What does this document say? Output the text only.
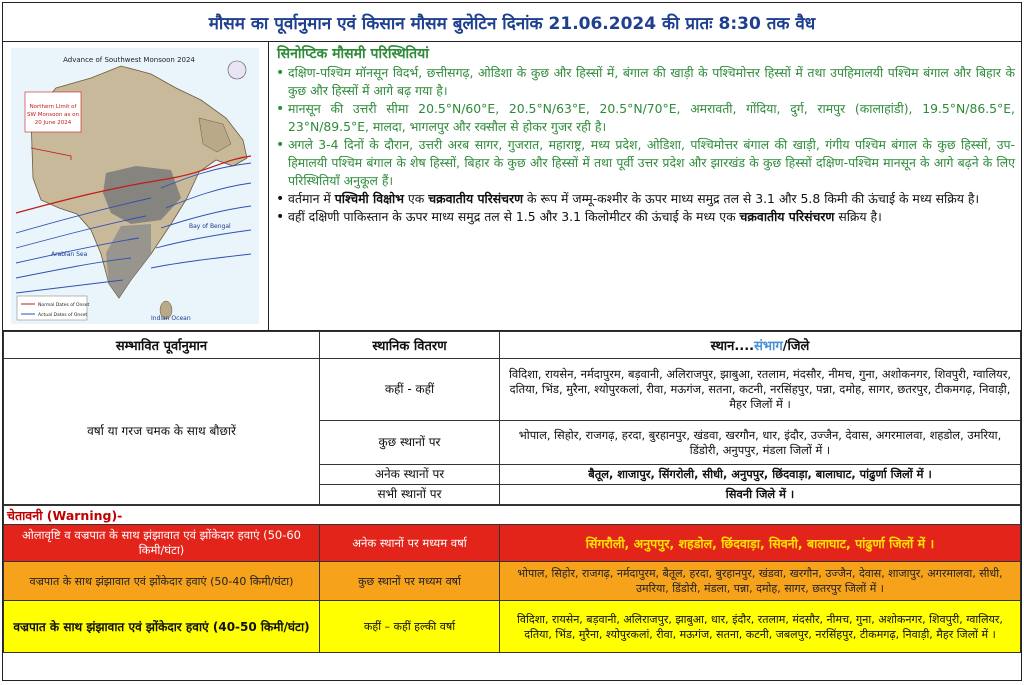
मौसम का पूर्वानुमान एवं किसान मौसम बुलेटिन दिनांक 21.06.2024 की प्रातः 8:30 तक वैध
Northern Limit of
SW Monsoon as on
20 June 2024
Advance of Southwest Monsoon 2024
Arabian Sea
Bay of Bengal
Indian Ocean
Normal Dates of Onset
Actual Dates of Onset
सिनोप्टिक मौसमी परिस्थितियां
• दक्षिण-पश्चिम मॉनसून विदर्भ, छत्तीसगढ़, ओडिशा के कुछ और हिस्सों में, बंगाल की खाड़ी के पश्चिमोत्तर हिस्सों में तथा उपहिमालयी पश्चिम बंगाल और बिहार के कुछ और हिस्सों में आगे बढ़ गया है।
• मानसून की उत्तरी सीमा 20.5°N/60°E, 20.5°N/63°E, 20.5°N/70°E, अमरावती, गोंदिया, दुर्ग, रामपुर (कालाहांडी), 19.5°N/86.5°E, 23°N/89.5°E, मालदा, भागलपुर और रक्सौल से होकर गुजर रही है।
• अगले 3-4 दिनों के दौरान, उत्तरी अरब सागर, गुजरात, महाराष्ट्र, मध्य प्रदेश, ओडिशा, पश्चिमोत्तर बंगाल की खाड़ी, गंगीय पश्चिम बंगाल के कुछ हिस्सों, उप-हिमालयी पश्चिम बंगाल के शेष हिस्सों, बिहार के कुछ और हिस्सों में तथा पूर्वी उत्तर प्रदेश और झारखंड के कुछ हिस्सों दक्षिण-पश्चिम मानसून के आगे बढ़ने के लिए परिस्थितियाँ अनुकूल हैं।
• वर्तमान में पश्चिमी विक्षोभ एक चक्रवातीय परिसंचरण के रूप में जम्मू-कश्मीर के ऊपर माध्य समुद्र तल से 3.1 और 5.8 किमी की ऊंचाई के मध्य सक्रिय है।
• वहीं दक्षिणी पाकिस्तान के ऊपर माध्य समुद्र तल से 1.5 और 3.1 किलोमीटर की ऊंचाई के मध्य एक चक्रवातीय परिसंचरण सक्रिय है।
सम्भावित पूर्वानुमान	स्थानिक वितरण	स्थान....संभाग/जिले
वर्षा या गरज चमक के साथ बौछारें	कहीं - कहीं	विदिशा, रायसेन, नर्मदापुरम, बड़वानी, अलिराजपुर, झाबुआ, रतलाम, मंदसौर, नीमच, गुना, अशोकनगर, शिवपुरी, ग्वालियर, दतिया, भिंड, मुरैना, श्योपुरकलां, रीवा, मऊगंज, सतना, कटनी, नरसिंहपुर, पन्ना, दमोह, सागर, छतरपुर, टीकमगढ़, निवाड़ी, मैहर जिलों में ।
	कुछ स्थानों पर	भोपाल, सिहोर, राजगढ़, हरदा, बुरहानपुर, खंडवा, खरगौन, धार, इंदौर, उज्जैन, देवास, अगरमालवा, शहडोल, उमरिया, डिंडोरी, अनुपपुर, मंडला जिलों में ।
	अनेक स्थानों पर	बैतूल, शाजापुर, सिंगरोली, सीधी, अनुपपुर, छिंदवाड़ा, बालाघाट, पांढुर्णा जिलों में ।
	सभी स्थानों पर	सिवनी जिले में ।
चेतावनी (Warning)-		
ओलावृष्टि व वज्रपात के साथ झंझावात एवं झोंकेदार हवाएं (50-60 किमी/घंटा)	अनेक स्थानों पर मध्यम वर्षा	सिंगरौली, अनुपपुर, शहडोल, छिंदवाड़ा, सिवनी, बालाघाट, पांढुर्णा जिलों में ।
वज्रपात के साथ झंझावात एवं झोंकेदार हवाएं (50-40 किमी/घंटा)	कुछ स्थानों पर मध्यम वर्षा	भोपाल, सिहोर, राजगढ़, नर्मदापुरम, बैतूल, हरदा, बुरहानपुर, खंडवा, खरगौन, उज्जैन, देवास, शाजापुर, अगरमालवा, सीधी, उमरिया, डिंडोरी, मंडला, पन्ना, दमोह, सागर, छतरपुर जिलों में ।
वज्रपात के साथ झंझावात एवं झोंकेदार हवाएं (40-50 किमी/घंटा)	कहीं – कहीं हल्की वर्षा	विदिशा, रायसेन, बड़वानी, अलिराजपुर, झाबुआ, धार, इंदौर, रतलाम, मंदसौर, नीमच, गुना, अशोकनगर, शिवपुरी, ग्वालियर, दतिया, भिंड, मुरैना, श्योपुरकलां, रीवा, मऊगंज, सतना, कटनी, जबलपुर, नरसिंहपुर, टीकमगढ़, निवाड़ी, मैहर जिलों में ।
